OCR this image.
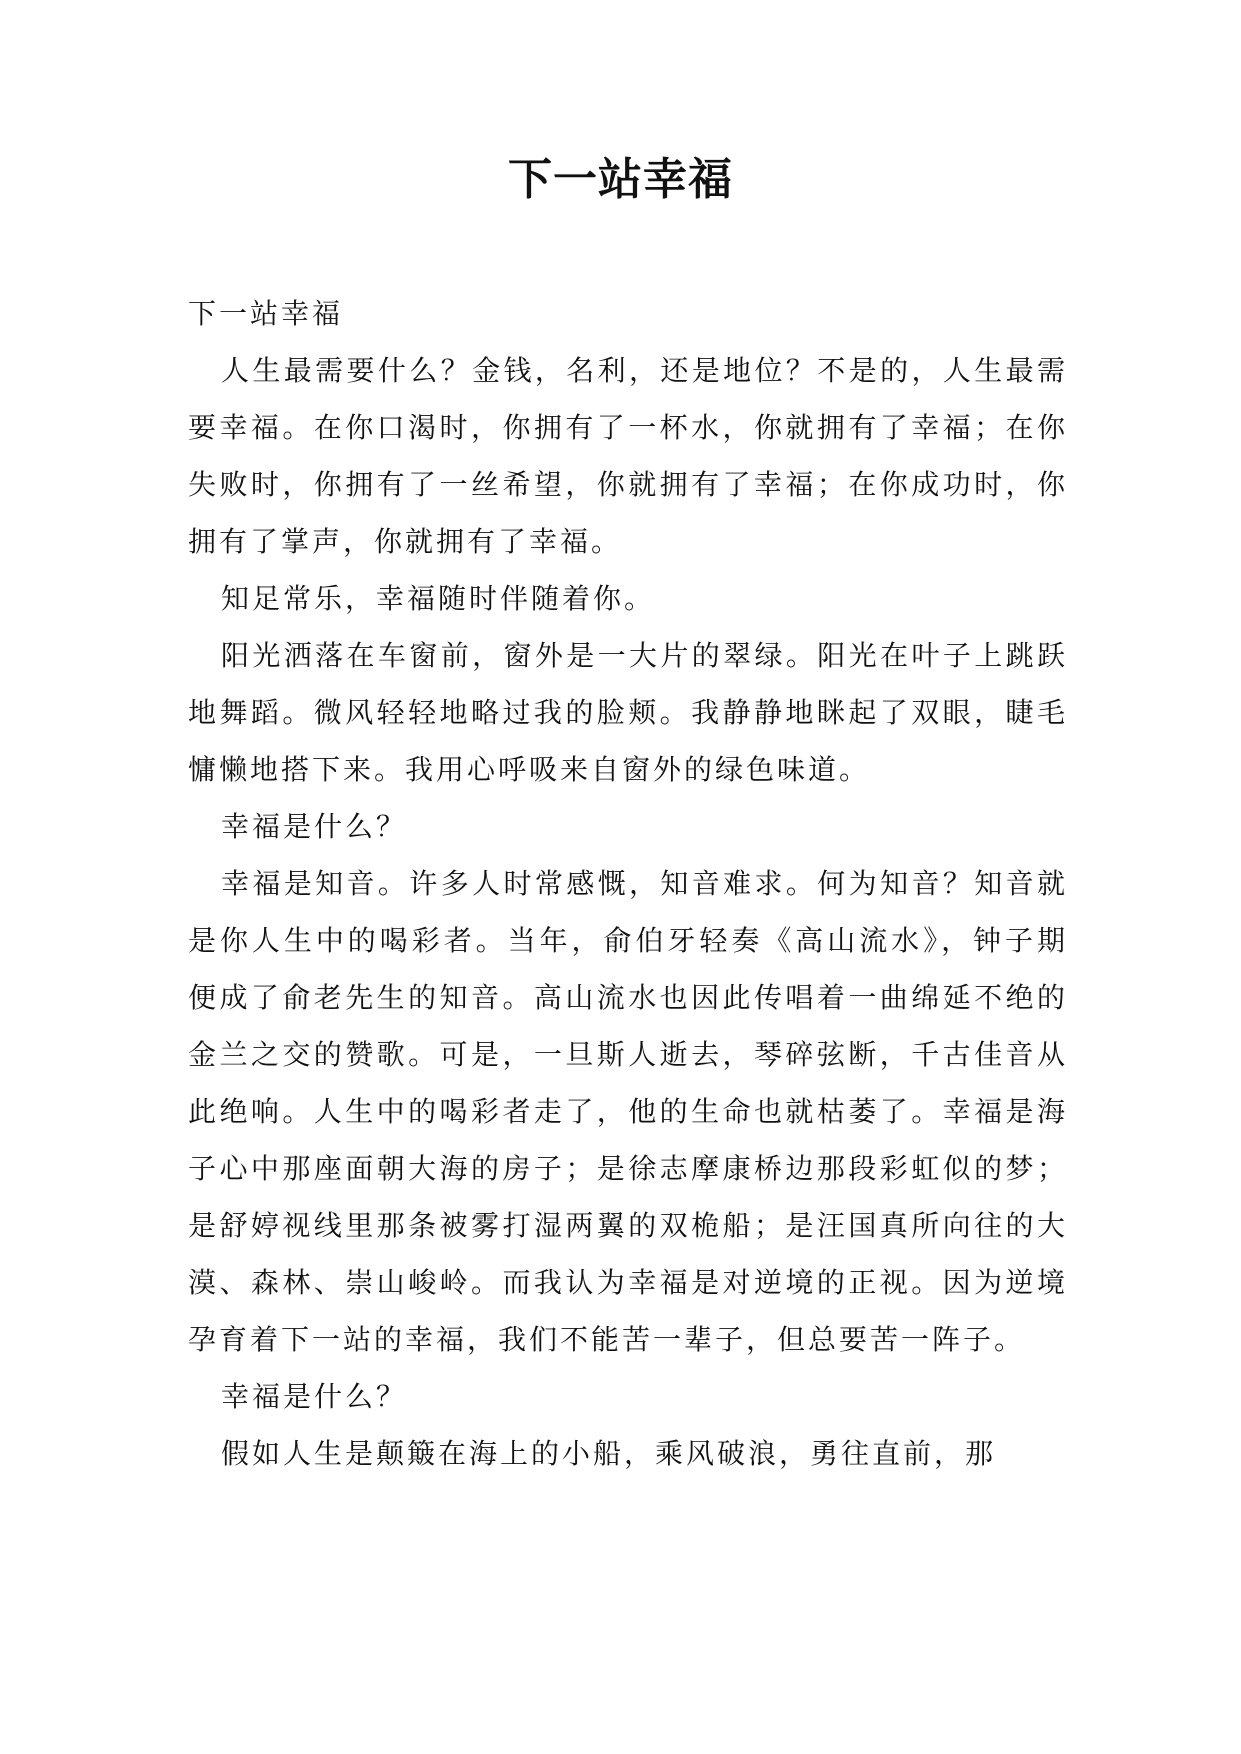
下一站幸福

下一站幸福

人生最需要什么？金钱，名利，还是地位？不是的，人生最需要幸福。在你口渴时，你拥有了一杯水，你就拥有了幸福；在你失败时，你拥有了一丝希望，你就拥有了幸福；在你成功时，你拥有了掌声，你就拥有了幸福。

知足常乐，幸福随时伴随着你。

阳光洒落在车窗前，窗外是一大片的翠绿。阳光在叶子上跳跃地舞蹈。微风轻轻地略过我的脸颊。我静静地眯起了双眼，睫毛慵懒地搭下来。我用心呼吸来自窗外的绿色味道。

幸福是什么？

幸福是知音。许多人时常感慨，知音难求。何为知音？知音就是你人生中的喝彩者。当年，俞伯牙轻奏《高山流水》，钟子期便成了俞老先生的知音。高山流水也因此传唱着一曲绵延不绝的金兰之交的赞歌。可是，一旦斯人逝去，琴碎弦断，千古佳音从此绝响。人生中的喝彩者走了，他的生命也就枯萎了。幸福是海子心中那座面朝大海的房子；是徐志摩康桥边那段彩虹似的梦；是舒婷视线里那条被雾打湿两翼的双桅船；是汪国真所向往的大漠、森林、崇山峻岭。而我认为幸福是对逆境的正视。因为逆境孕育着下一站的幸福，我们不能苦一辈子，但总要苦一阵子。

幸福是什么？

假如人生是颠簸在海上的小船，乘风破浪，勇往直前，那
